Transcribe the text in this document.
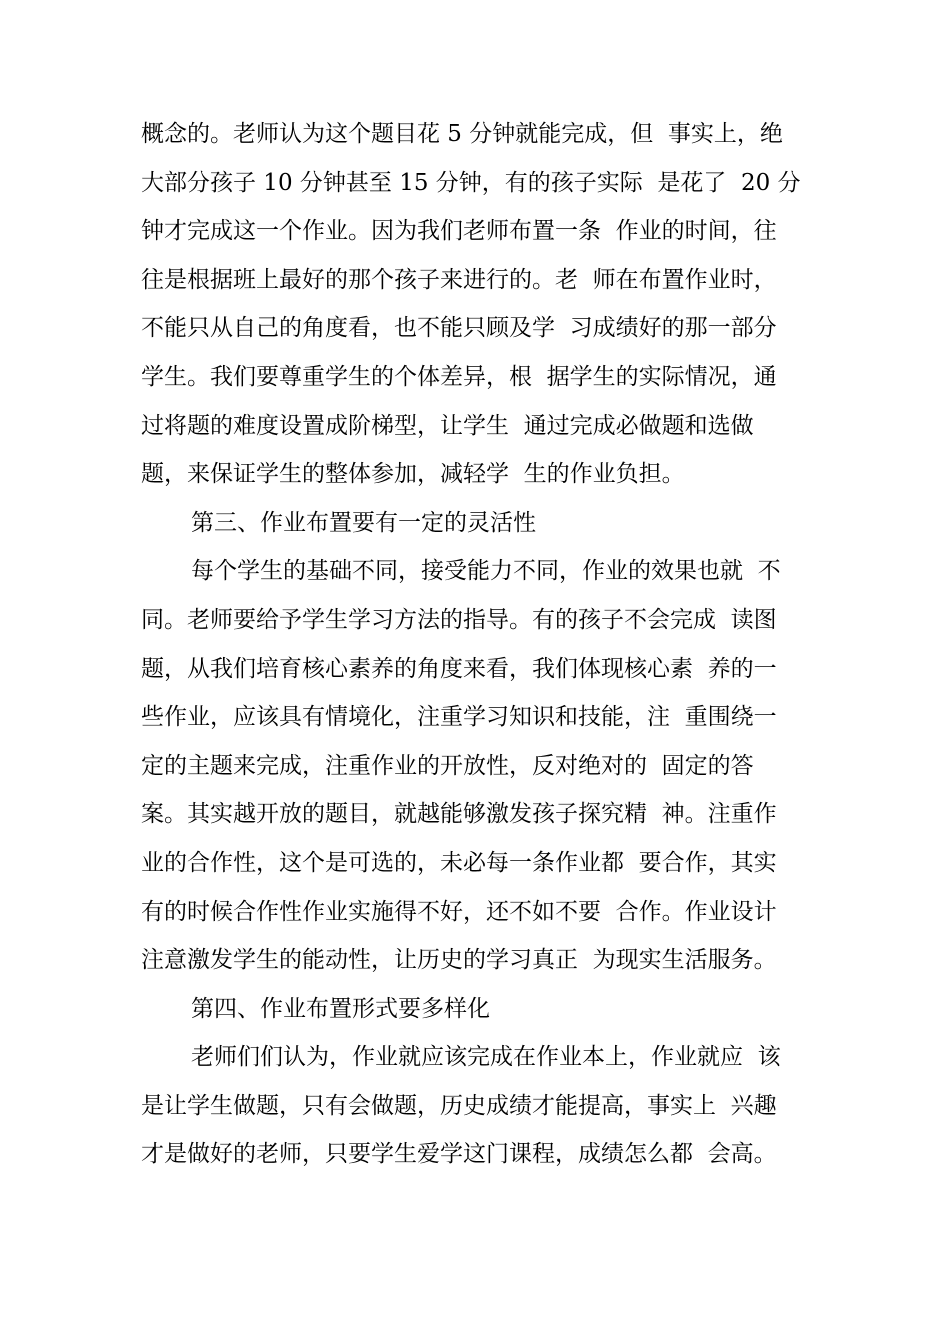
概念的。老师认为这个题目花 5 分钟就能完成，但  事实上，绝
大部分孩子 10 分钟甚至 15 分钟，有的孩子实际  是花了  20 分
钟才完成这一个作业。因为我们老师布置一条  作业的时间，往
往是根据班上最好的那个孩子来进行的。老  师在布置作业时，
不能只从自己的角度看，也不能只顾及学  习成绩好的那一部分
学生。我们要尊重学生的个体差异，根  据学生的实际情况，通
过将题的难度设置成阶梯型，让学生  通过完成必做题和选做
题，来保证学生的整体参加，减轻学  生的作业负担。
第三、作业布置要有一定的灵活性
每个学生的基础不同，接受能力不同，作业的效果也就  不
同。老师要给予学生学习方法的指导。有的孩子不会完成  读图
题，从我们培育核心素养的角度来看，我们体现核心素  养的一
些作业，应该具有情境化，注重学习知识和技能，注  重围绕一
定的主题来完成，注重作业的开放性，反对绝对的  固定的答
案。其实越开放的题目，就越能够激发孩子探究精  神。注重作
业的合作性，这个是可选的，未必每一条作业都  要合作，其实
有的时候合作性作业实施得不好，还不如不要  合作。作业设计
注意激发学生的能动性，让历史的学习真正  为现实生活服务。
第四、作业布置形式要多样化
老师们们认为，作业就应该完成在作业本上，作业就应  该
是让学生做题，只有会做题，历史成绩才能提高，事实上  兴趣
才是做好的老师，只要学生爱学这门课程，成绩怎么都  会高。
